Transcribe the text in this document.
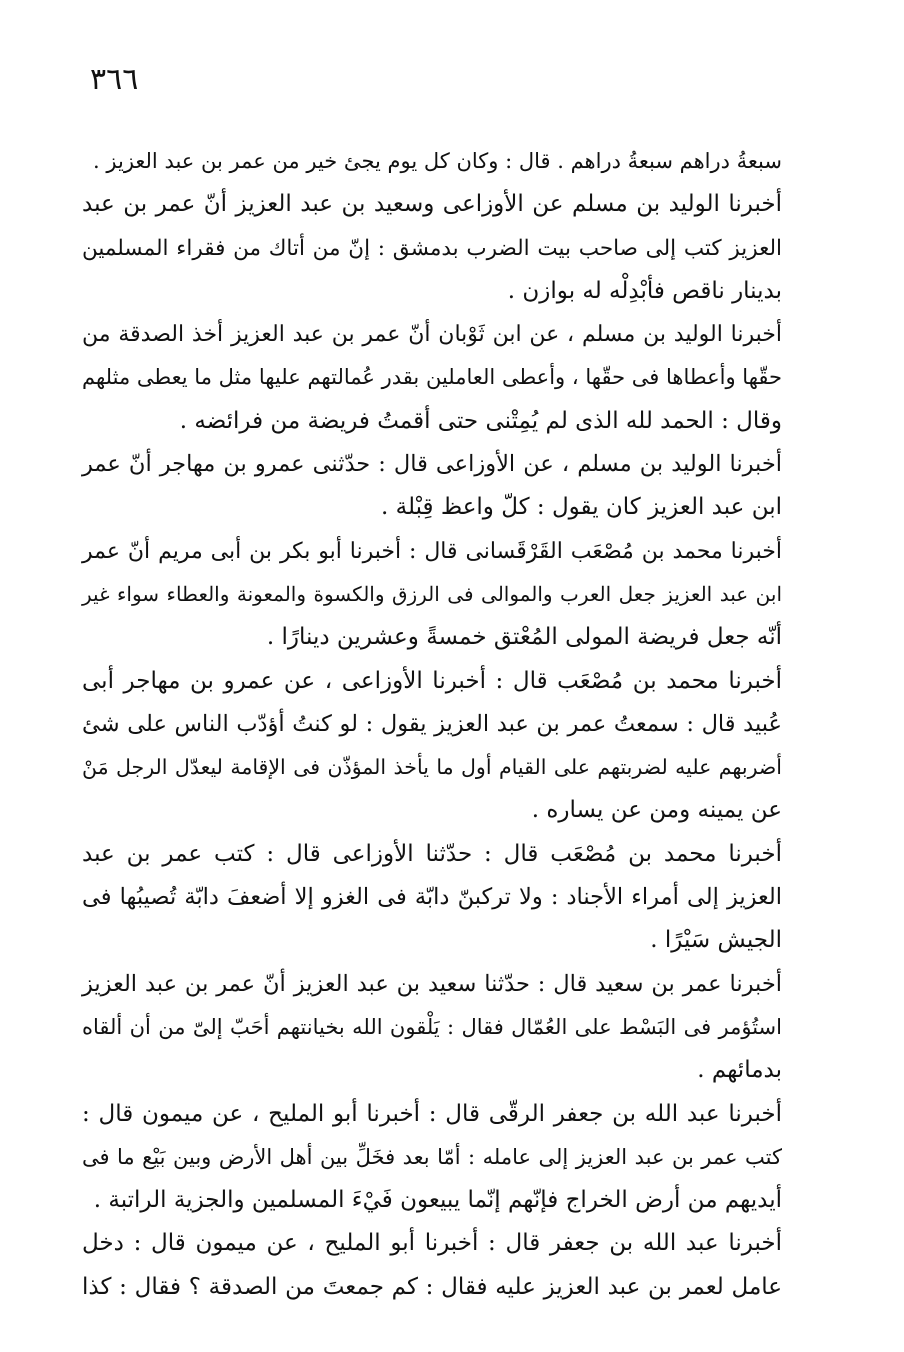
٣٦٦
سبعةُ دراهم سبعةُ دراهم . قال : وكان كل يوم يجئ خير من عمر بن عبد العزيز .
أخبرنا الوليد بن مسلم عن الأوزاعى وسعيد بن عبد العزيز أنّ عمر بن عبد
العزيز كتب إلى صاحب بيت الضرب بدمشق : إنّ من أتاك من فقراء المسلمين
بدينار ناقص فأبْدِلْه له بوازن .
أخبرنا الوليد بن مسلم ، عن ابن ثَوْبان أنّ عمر بن عبد العزيز أخذ الصدقة من
حقّها وأعطاها فى حقّها ، وأعطى العاملين بقدر عُمالتهم عليها مثل ما يعطى مثلهم
وقال : الحمد لله الذى لم يُمِتْنى حتى أقمتُ فريضة من فرائضه .
أخبرنا الوليد بن مسلم ، عن الأوزاعى قال : حدّثنى عمرو بن مهاجر أنّ عمر
ابن عبد العزيز كان يقول : كلّ واعظ قِبْلة .
أخبرنا محمد بن مُصْعَب القَرْقَسانى قال : أخبرنا أبو بكر بن أبى مريم أنّ عمر
ابن عبد العزيز جعل العرب والموالى فى الرزق والكسوة والمعونة والعطاء سواء غير
أنّه جعل فريضة المولى المُعْتق خمسةً وعشرين دينارًا .
أخبرنا محمد بن مُصْعَب قال : أخبرنا الأوزاعى ، عن عمرو بن مهاجر أبى
عُبيد قال : سمعتُ عمر بن عبد العزيز يقول : لو كنتُ أؤدّب الناس على شئ
أضربهم عليه لضربتهم على القيام أول ما يأخذ المؤذّن فى الإقامة ليعدّل الرجل مَنْ
عن يمينه ومن عن يساره .
أخبرنا محمد بن مُصْعَب قال : حدّثنا الأوزاعى قال : كتب عمر بن عبد
العزيز إلى أمراء الأجناد : ولا تركبنّ دابّة فى الغزو إلا أضعفَ دابّة تُصيبُها فى
الجيش سَيْرًا .
أخبرنا عمر بن سعيد قال : حدّثنا سعيد بن عبد العزيز أنّ عمر بن عبد العزيز
استُؤمر فى البَسْط على العُمّال فقال : يَلْقون الله بخيانتهم أحَبّ إلىّ من أن ألقاه
بدمائهم .
أخبرنا عبد الله بن جعفر الرقّى قال : أخبرنا أبو المليح ، عن ميمون قال :
كتب عمر بن عبد العزيز إلى عامله : أمّا بعد فخَلِّ بين أهل الأرض وبين بَيْع ما فى
أيديهم من أرض الخراج فإنّهم إنّما يبيعون فَيْءَ المسلمين والجزية الراتبة .
أخبرنا عبد الله بن جعفر قال : أخبرنا أبو المليح ، عن ميمون قال : دخل
عامل لعمر بن عبد العزيز عليه فقال : كم جمعتَ من الصدقة ؟ فقال : كذا
